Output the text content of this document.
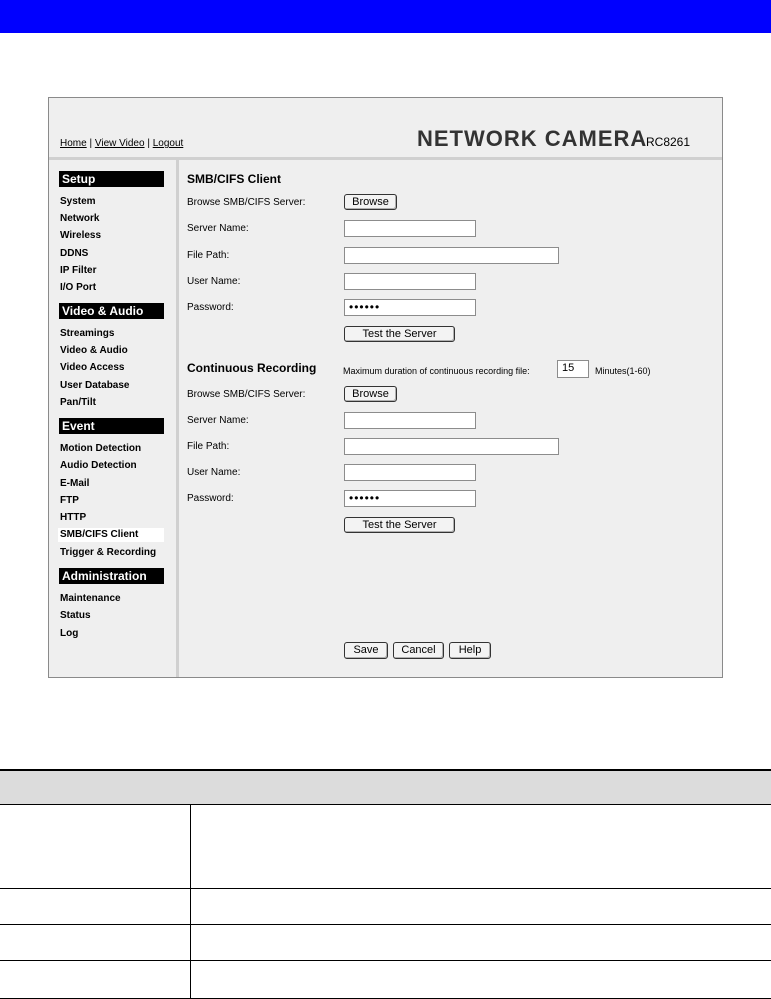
Home | View Video | Logout	NETWORK CAMERA
RC8261
Setup
System
Network
Wireless
DDNS
IP Filter
I/O Port
Video & Audio
Streamings
Video & Audio
Video Access
User Database
Pan/Tilt
Event
Motion Detection
Audio Detection
E-Mail
FTP
HTTP
SMB/CIFS Client
Trigger & Recording
Administration
Maintenance
Status
Log
SMB/CIFS Client
Browse SMB/CIFS Server:	Browse
Server Name:
File Path:
User Name:
Password:	••••••
Test the Server
Continuous Recording	Maximum duration of continuous recording file:	15	Minutes(1-60)
Browse SMB/CIFS Server:	Browse
Server Name:
File Path:
User Name:
Password:	••••••
Test the Server
Save	Cancel	Help
